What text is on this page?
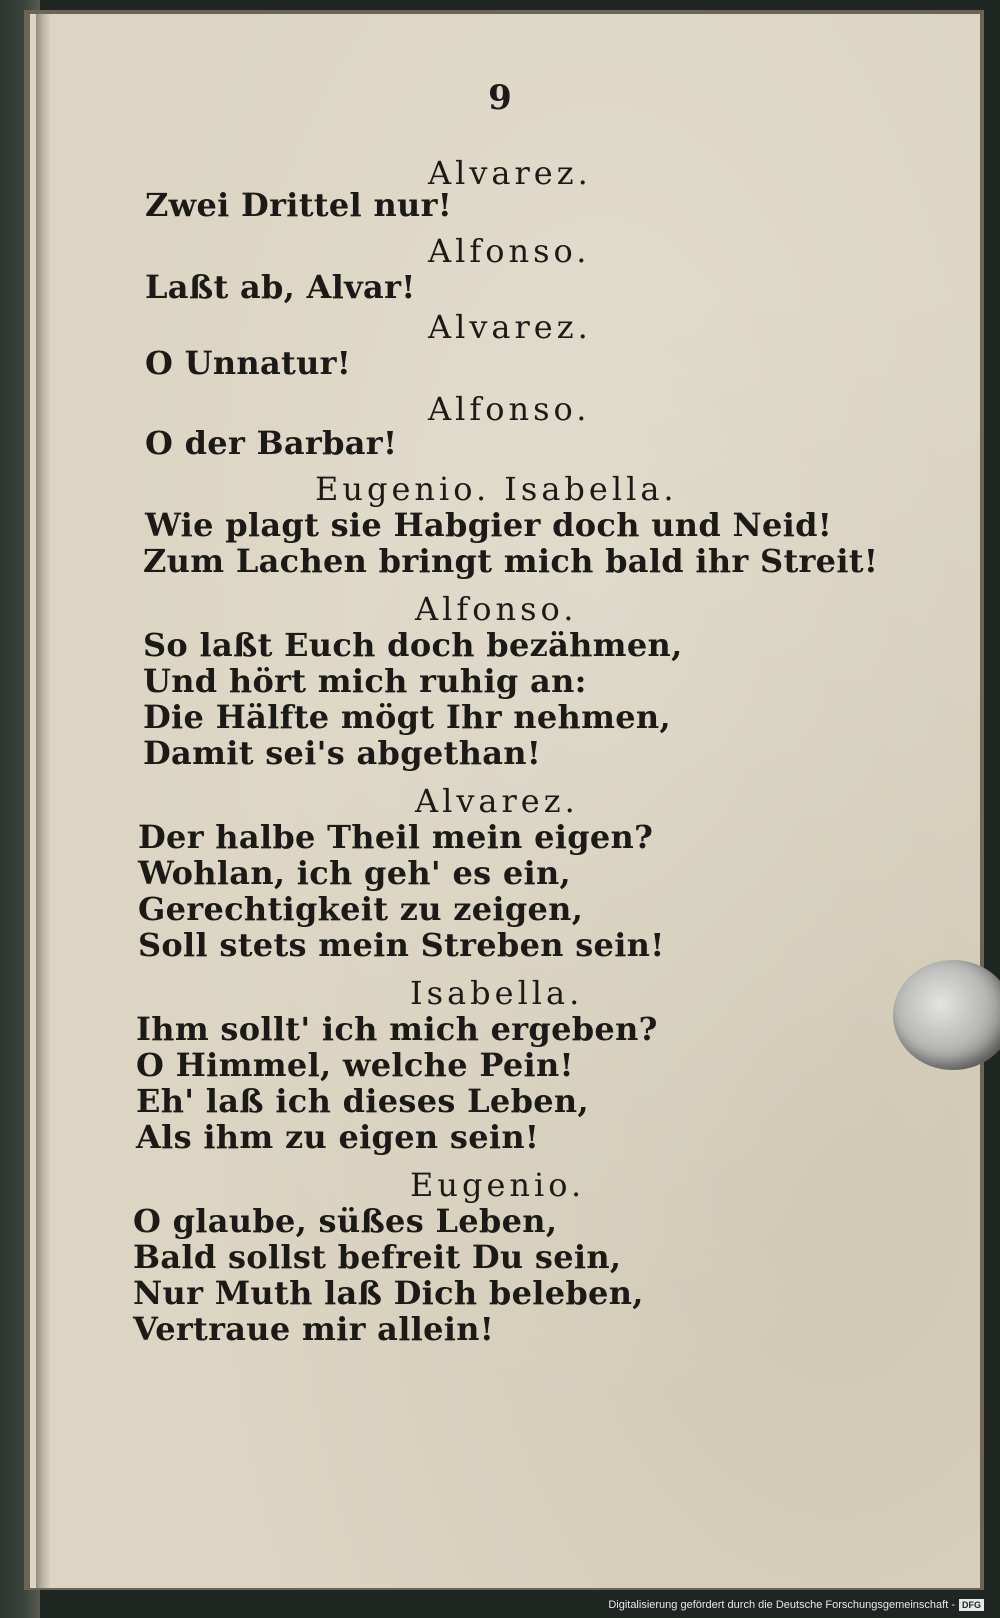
9
Alvarez.
Zwei Drittel nur!
Alfonso.
Laßt ab, Alvar!
Alvarez.
O Unnatur!
Alfonso.
O der Barbar!
Eugenio. Isabella.
Wie plagt sie Habgier doch und Neid!
Zum Lachen bringt mich bald ihr Streit!
Alfonso.
So laßt Euch doch bezähmen,
Und hört mich ruhig an:
Die Hälfte mögt Ihr nehmen,
Damit sei's abgethan!
Alvarez.
Der halbe Theil mein eigen?
Wohlan, ich geh' es ein,
Gerechtigkeit zu zeigen,
Soll stets mein Streben sein!
Isabella.
Ihm sollt' ich mich ergeben?
O Himmel, welche Pein!
Eh' laß ich dieses Leben,
Als ihm zu eigen sein!
Eugenio.
O glaube, süßes Leben,
Bald sollst befreit Du sein,
Nur Muth laß Dich beleben,
Vertraue mir allein!
Digitalisierung gefördert durch die Deutsche Forschungsgemeinschaft - DFG
